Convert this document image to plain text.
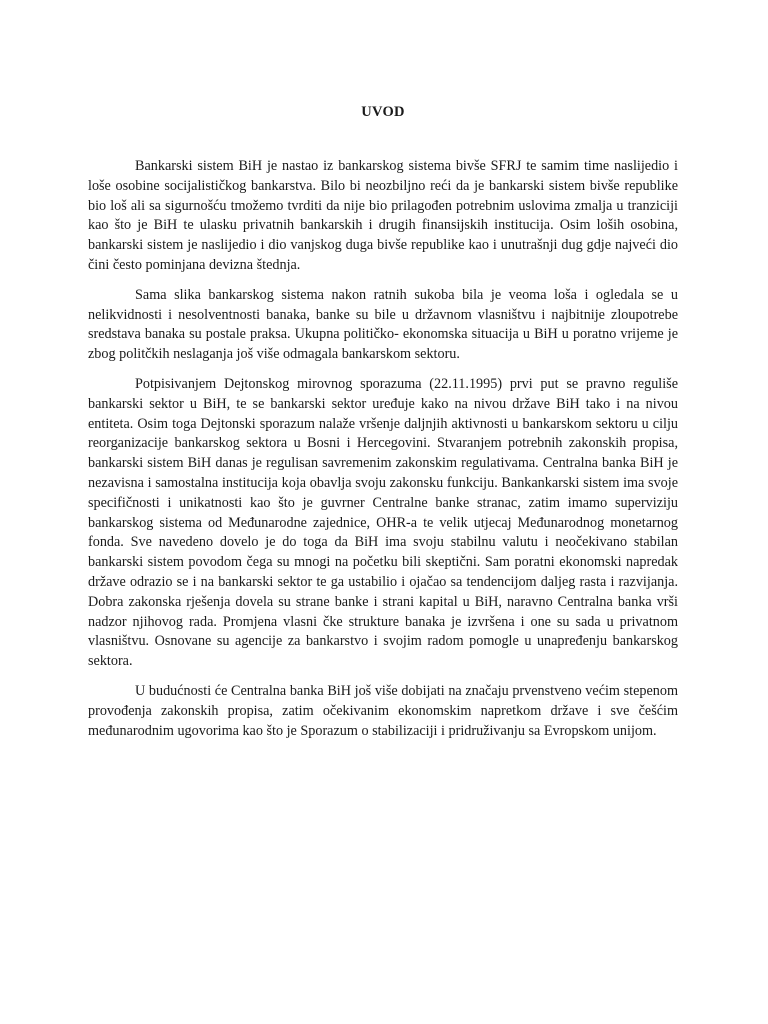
UVOD

Bankarski sistem BiH je nastao iz bankarskog sistema bivše SFRJ te samim time naslijedio i loše osobine socijalističkog bankarstva. Bilo bi neozbiljno reći da je bankarski sistem bivše republike bio loš ali sa sigurnošću tmožemo tvrditi da nije bio prilagođen potrebnim uslovima zmalja u tranziciji kao što je BiH te ulasku privatnih bankarskih i drugih finansijskih institucija. Osim loših osobina, bankarski sistem je naslijedio i dio vanjskog duga bivše republike kao i unutrašnji dug gdje najveći dio čini često pominjana devizna štednja.

Sama slika bankarskog sistema nakon ratnih sukoba bila je veoma loša i ogledala se u nelikvidnosti i nesolventnosti banaka, banke su bile u državnom vlasništvu i najbitnije zloupotrebe sredstava banaka su postale praksa. Ukupna političko- ekonomska situacija u BiH u poratno vrijeme je zbog politčkih neslaganja još više odmagala bankarskom sektoru.

Potpisivanjem Dejtonskog mirovnog sporazuma (22.11.1995) prvi put se pravno reguliše bankarski sektor u BiH, te se bankarski sektor uređuje kako na nivou države BiH tako i na nivou entiteta. Osim toga Dejtonski sporazum nalaže vršenje daljnjih aktivnosti u bankarskom sektoru u cilju reorganizacije bankarskog sektora u Bosni i Hercegovini. Stvaranjem potrebnih zakonskih propisa, bankarski sistem BiH danas je regulisan savremenim zakonskim regulativama. Centralna banka BiH je nezavisna i samostalna institucija koja obavlja svoju zakonsku funkciju. Bankankarski sistem ima svoje specifičnosti i unikatnosti kao što je guvrner Centralne banke stranac, zatim imamo superviziju bankarskog sistema od Međunarodne zajednice, OHR-a te velik utjecaj Međunarodnog monetarnog fonda. Sve navedeno dovelo je do toga da BiH ima svoju stabilnu valutu i neočekivano stabilan bankarski sistem povodom čega su mnogi na početku bili skeptični. Sam poratni ekonomski napredak države odrazio se i na bankarski sektor te ga ustabilio i ojačao sa tendencijom daljeg rasta i razvijanja. Dobra zakonska rješenja dovela su strane banke i strani kapital u BiH, naravno Centralna banka vrši nadzor njihovog rada. Promjena vlasni čke strukture banaka je izvršena i one su sada u privatnom vlasništvu. Osnovane su agencije za bankarstvo i svojim radom pomogle u unapređenju bankarskog sektora.

U budućnosti će Centralna banka BiH još više dobijati na značaju prvenstveno većim stepenom provođenja zakonskih propisa, zatim očekivanim ekonomskim napretkom države i sve češćim međunarodnim ugovorima kao što je Sporazum o stabilizaciji i pridruživanju sa Evropskom unijom.
